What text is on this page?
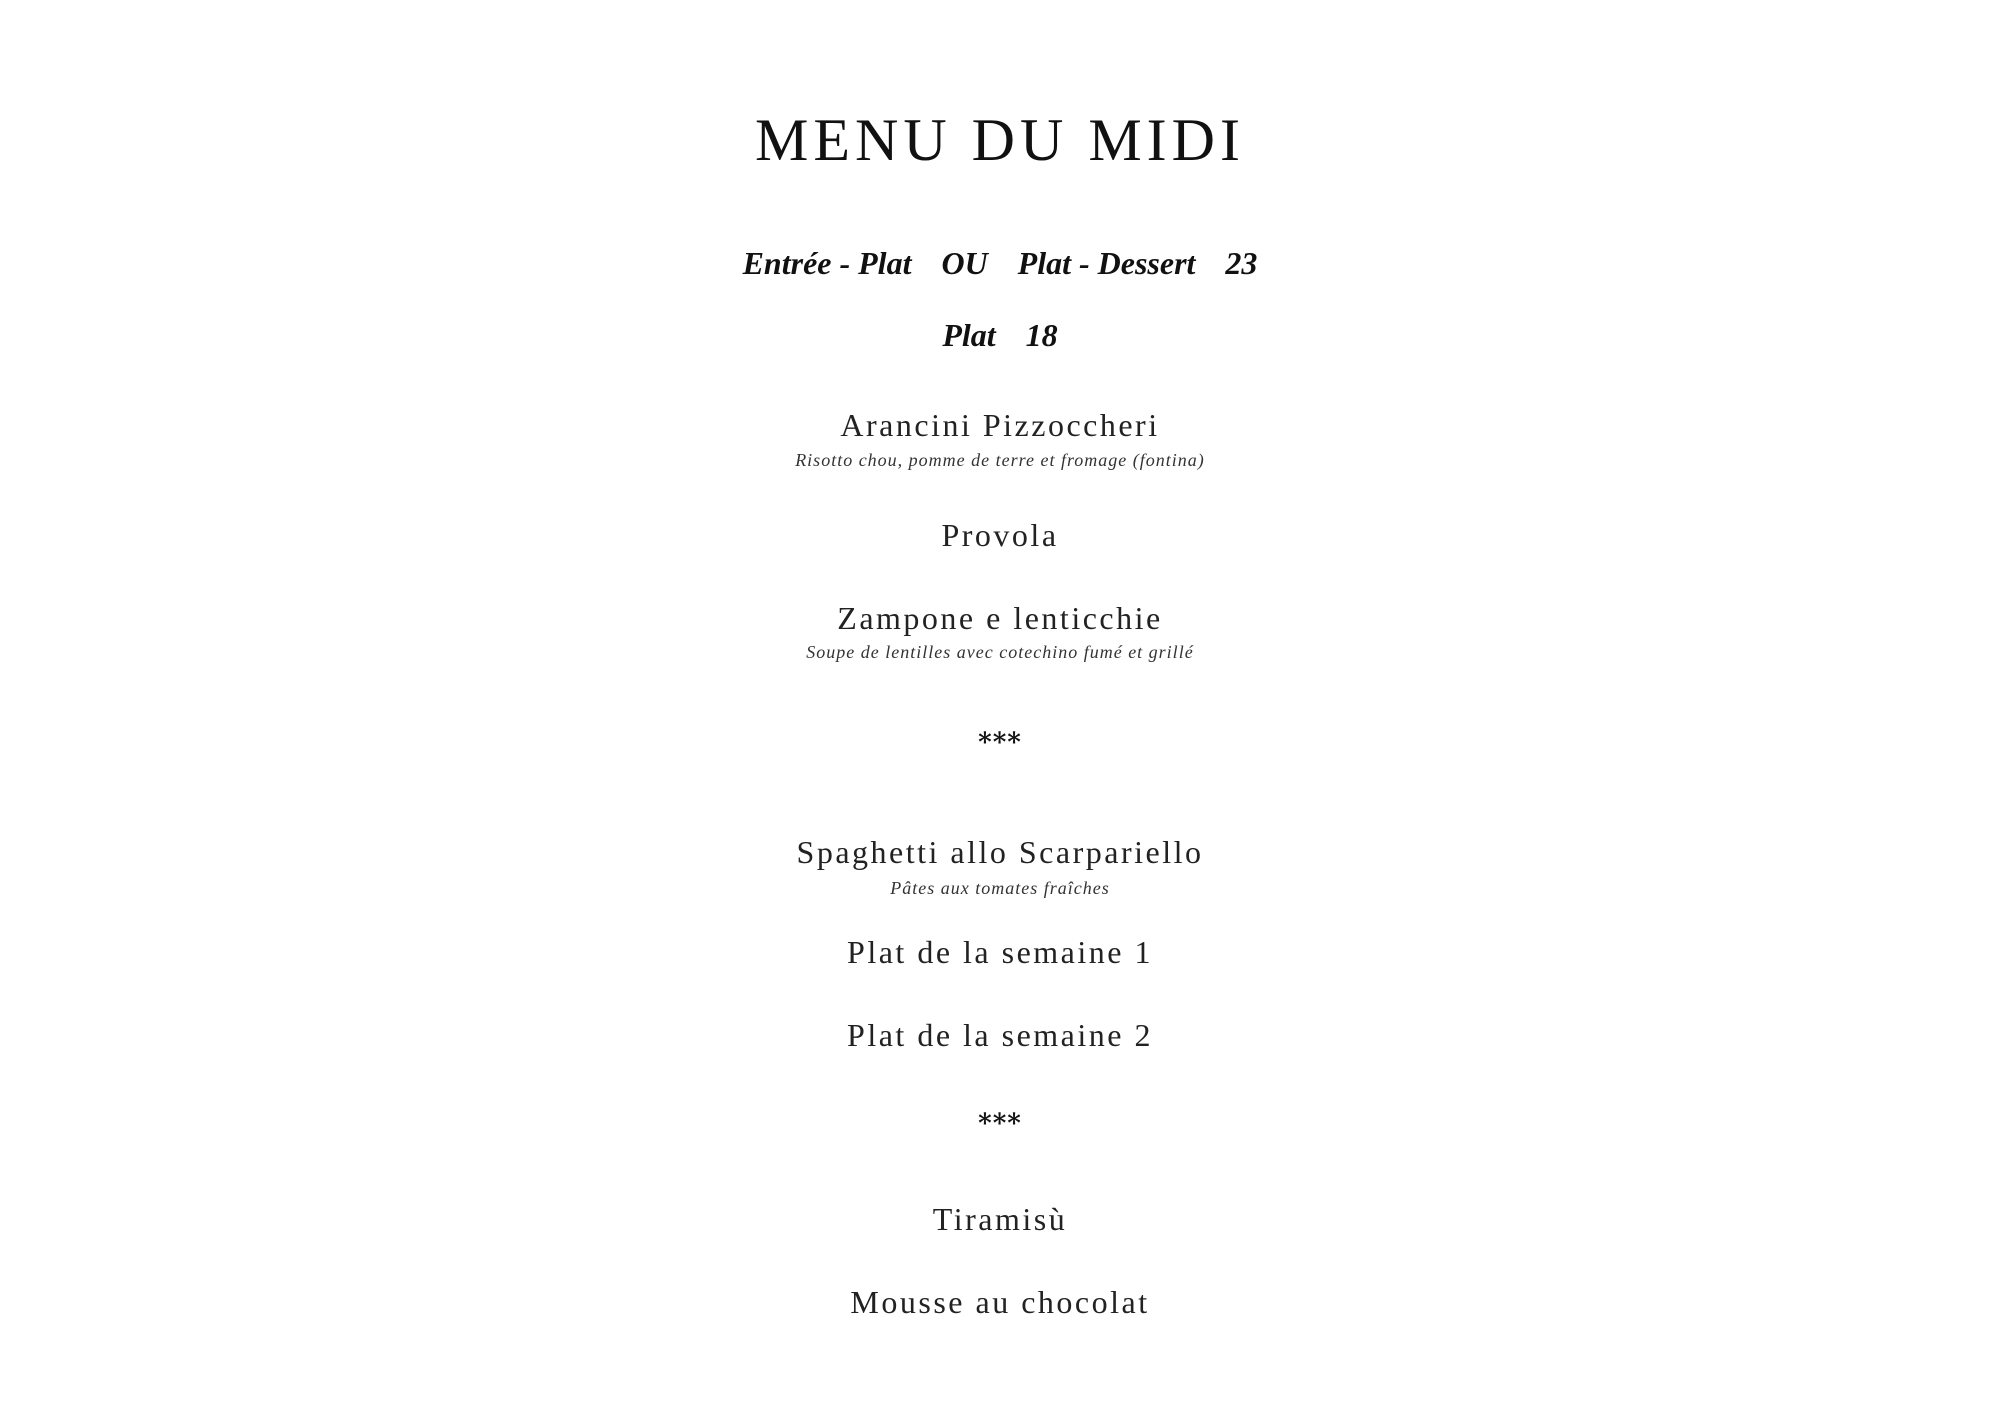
MENU DU MIDI
Entrée - Plat OU Plat - Dessert 23
Plat 18
Arancini Pizzoccheri
Risotto chou, pomme de terre et fromage (fontina)
Provola
Zampone e lenticchie
Soupe de lentilles avec cotechino fumé et grillé
***
Spaghetti allo Scarpariello
Pâtes aux tomates fraîches
Plat de la semaine 1
Plat de la semaine 2
***
Tiramisù
Mousse au chocolat
